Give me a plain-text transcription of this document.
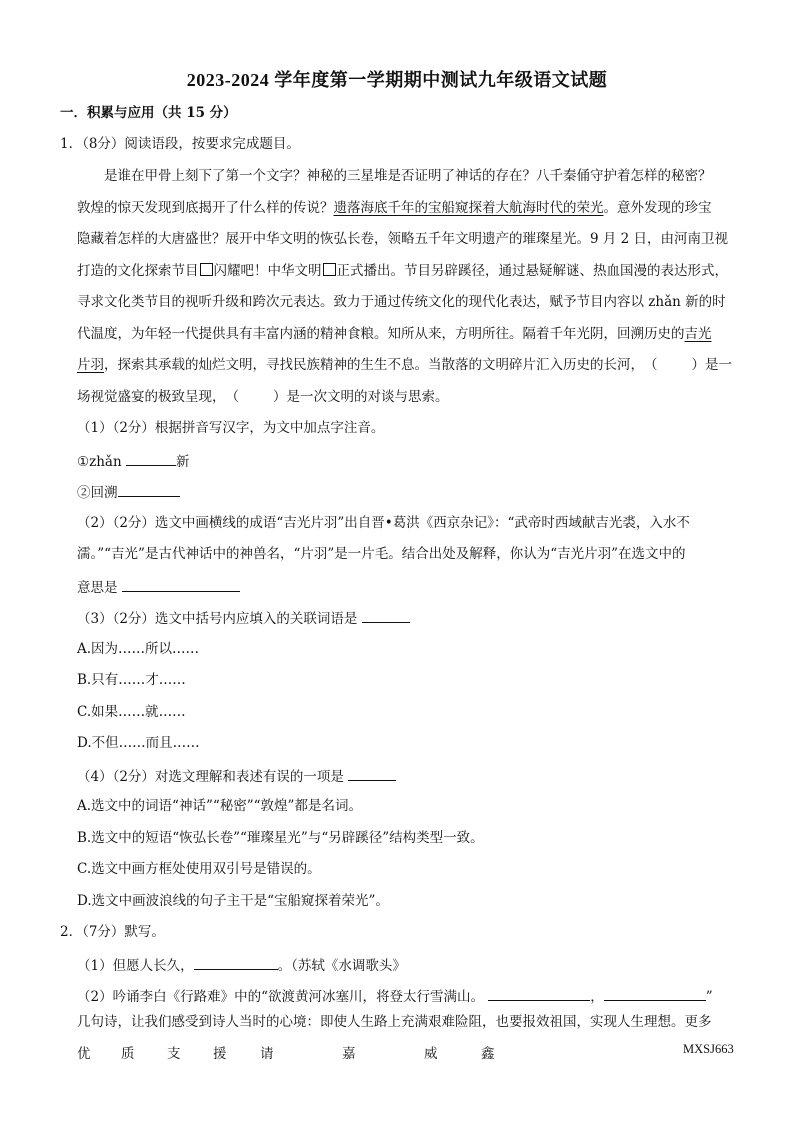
2023-2024 学年度第一学期期中测试九年级语文试题
一．积累与应用（共 15 分）
1．（8分）阅读语段，按要求完成题目。
是谁在甲骨上刻下了第一个文字？神秘的三星堆是否证明了神话的存在？八千秦俑守护着怎样的秘密？
敦煌的惊天发现到底揭开了什么样的传说？遗落海底千年的宝船窥探着大航海时代的荣光。意外发现的珍宝
隐藏着怎样的大唐盛世？展开中华文明的恢弘长卷，领略五千年文明遗产的璀璨星光。9 月 2 日，由河南卫视
打造的文化探索节目 闪耀吧！中华文明 正式播出。节目另辟蹊径，通过悬疑解谜、热血国漫的表达形式，
寻求文化类节目的视听升级和跨次元表达。致力于通过传统文化的现代化表达，赋予节目内容以 zhǎn 新的时
代温度，为年轻一代提供具有丰富内涵的精神食粮。知所从来，方明所往。隔着千年光阴，回溯历史的吉光
片羽，探索其承载的灿烂文明，寻找民族精神的生生不息。当散落的文明碎片汇入历史的长河，（	）是一
场视觉盛宴的极致呈现，（	）是一次文明的对谈与思索。
（1）（2分）根据拼音写汉字，为文中加点字注音。
①zhǎn	新
②回溯
（2）（2分）选文中画横线的成语“吉光片羽”出自晋•葛洪《西京杂记》：“武帝时西域献吉光裘，入水不
濡。”“吉光”是古代神话中的神兽名，“片羽”是一片毛。结合出处及解释，你认为“吉光片羽”在选文中的
意思是
（3）（2分）选文中括号内应填入的关联词语是
A.因为……所以……
B.只有……才……
C.如果……就……
D.不但……而且……
（4）（2分）对选文理解和表述有误的一项是
A.选文中的词语“神话”“秘密”“敦煌”都是名词。
B.选文中的短语“恢弘长卷”“璀璨星光”与“另辟蹊径”结构类型一致。
C.选文中画方框处使用双引号是错误的。
D.选文中画波浪线的句子主干是“宝船窥探着荣光”。
2．（7分）默写。
（1）但愿人长久，	。（苏轼《水调歌头》
（2）吟诵李白《行路难》中的“欲渡黄河冰塞川，将登太行雪满山。	，	”
几句诗，让我们感受到诗人当时的心境：即使人生路上充满艰难险阻，也要报效祖国，实现人生理想。更多
优 质 支 援 请	嘉	威	鑫	MXSJ663
